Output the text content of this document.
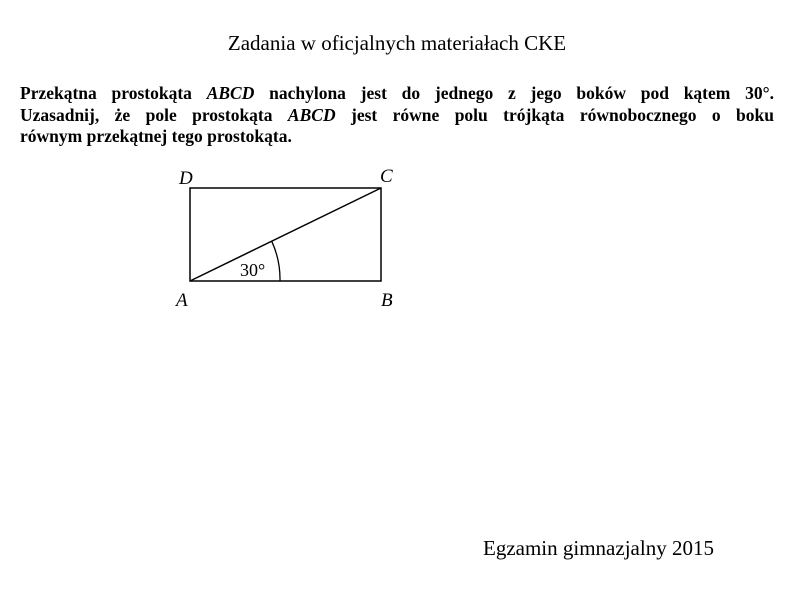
Zadania w oficjalnych materiałach CKE
Przekątna prostokąta ABCD nachylona jest do jednego z jego boków pod kątem 30°.
Uzasadnij, że pole prostokąta ABCD jest równe polu trójkąta równobocznego o boku
równym przekątnej tego prostokąta.
D	C
A	B
30°
Egzamin gimnazjalny 2015
